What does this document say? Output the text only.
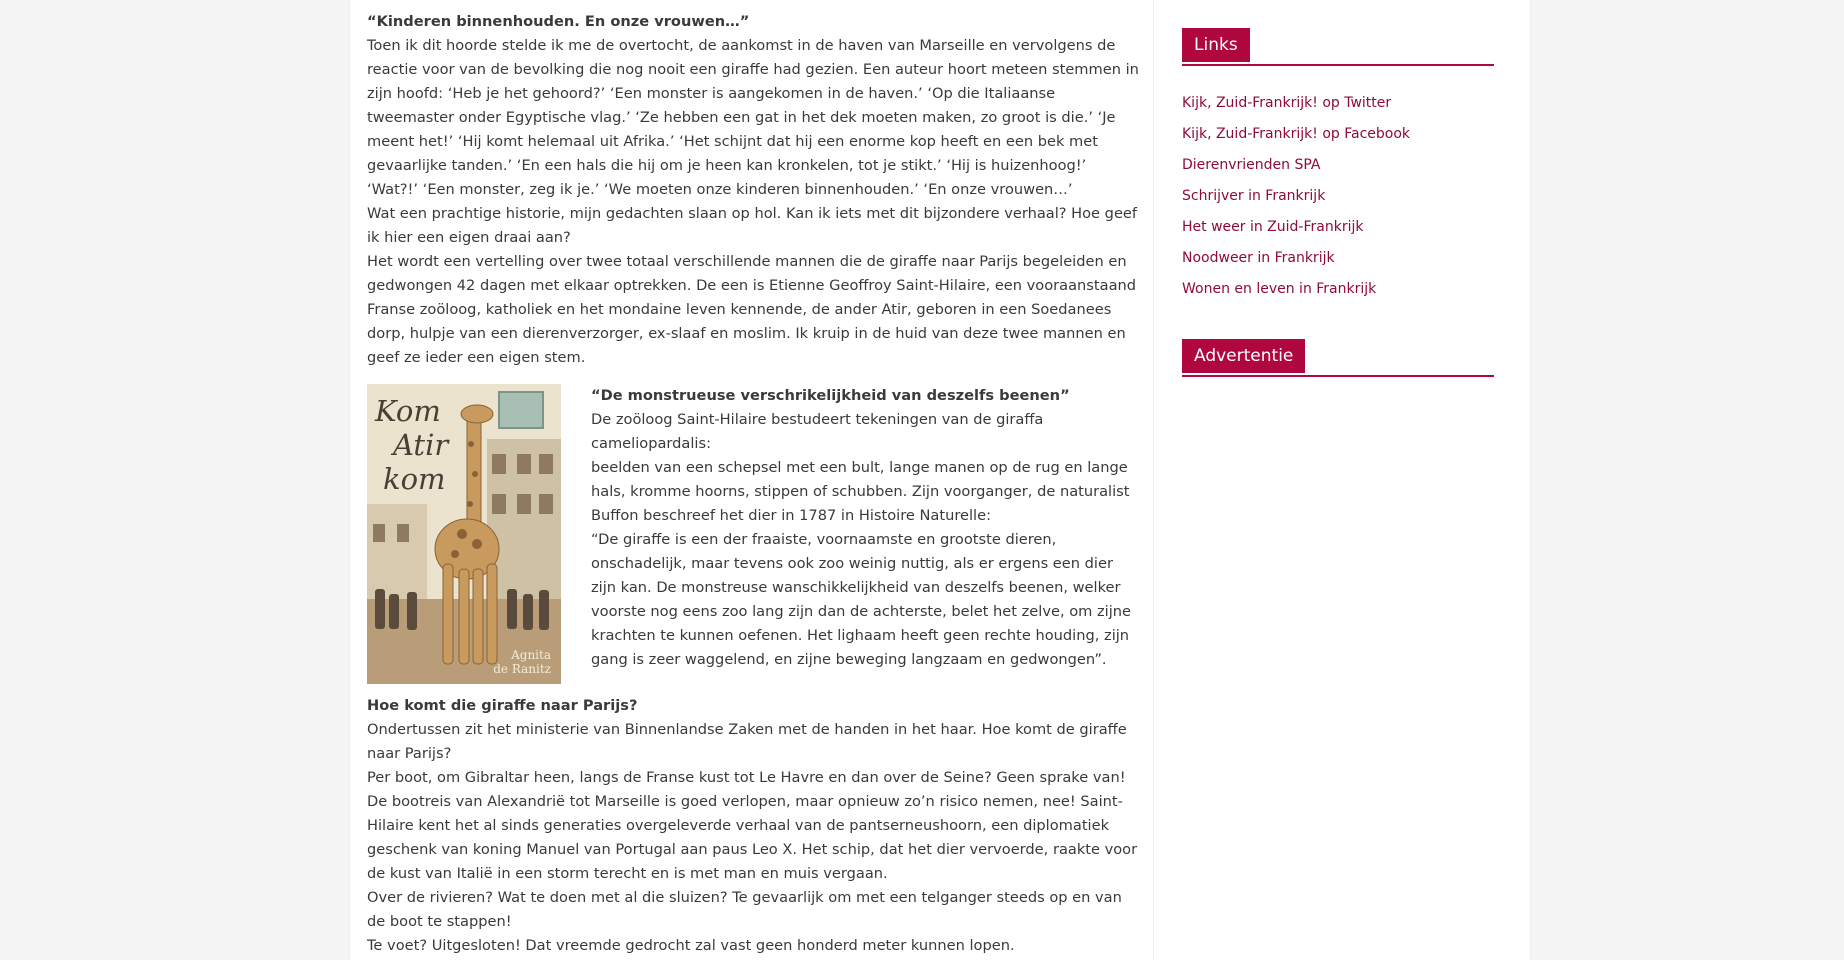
“Kinderen binnenhouden. En onze vrouwen…”

Toen ik dit hoorde stelde ik me de overtocht, de aankomst in de haven van Marseille en vervolgens de reactie voor van de bevolking die nog nooit een giraffe had gezien. Een auteur hoort meteen stemmen in zijn hoofd: ‘Heb je het gehoord?’ ‘Een monster is aangekomen in de haven.’ ‘Op die Italiaanse tweemaster onder Egyptische vlag.’ ‘Ze hebben een gat in het dek moeten maken, zo groot is die.’ ‘Je meent het!’ ‘Hij komt helemaal uit Afrika.’ ‘Het schijnt dat hij een enorme kop heeft en een bek met gevaarlijke tanden.’ ‘En een hals die hij om je heen kan kronkelen, tot je stikt.’ ‘Hij is huizenhoog!’ ‘Wat?!’ ‘Een monster, zeg ik je.’ ‘We moeten onze kinderen binnenhouden.’ ‘En onze vrouwen…’

Wat een prachtige historie, mijn gedachten slaan op hol. Kan ik iets met dit bijzondere verhaal? Hoe geef ik hier een eigen draai aan?

Het wordt een vertelling over twee totaal verschillende mannen die de giraffe naar Parijs begeleiden en gedwongen 42 dagen met elkaar optrekken. De een is Etienne Geoffroy Saint-Hilaire, een vooraanstaand Franse zoöloog, katholiek en het mondaine leven kennende, de ander Atir, geboren in een Soedanees dorp, hulpje van een dierenverzorger, ex-slaaf en moslim. Ik kruip in de huid van deze twee mannen en geef ze ieder een eigen stem.

Kom
Atir
kom
Agnita
de Ranitz

“De monstrueuse verschrikelijkheid van deszelfs beenen”

De zoöloog Saint-Hilaire bestudeert tekeningen van de giraffa cameliopardalis:

beelden van een schepsel met een bult, lange manen op de rug en lange hals, kromme hoorns, stippen of schubben. Zijn voorganger, de naturalist Buffon beschreef het dier in 1787 in Histoire Naturelle:

“De giraffe is een der fraaiste, voornaamste en grootste dieren, onschadelijk, maar tevens ook zoo weinig nuttig, als er ergens een dier zijn kan. De monstreuse wanschikkelijkheid van deszelfs beenen, welker voorste nog eens zoo lang zijn dan de achterste, belet het zelve, om zijne krachten te kunnen oefenen. Het lighaam heeft geen rechte houding, zijn gang is zeer waggelend, en zijne beweging langzaam en gedwongen”.

Hoe komt die giraffe naar Parijs?

Ondertussen zit het ministerie van Binnenlandse Zaken met de handen in het haar. Hoe komt de giraffe naar Parijs?

Per boot, om Gibraltar heen, langs de Franse kust tot Le Havre en dan over de Seine? Geen sprake van! De bootreis van Alexandrië tot Marseille is goed verlopen, maar opnieuw zo’n risico nemen, nee! Saint-Hilaire kent het al sinds generaties overgeleverde verhaal van de pantserneushoorn, een diplomatiek geschenk van koning Manuel van Portugal aan paus Leo X. Het schip, dat het dier vervoerde, raakte voor de kust van Italië in een storm terecht en is met man en muis vergaan.

Over de rivieren? Wat te doen met al die sluizen? Te gevaarlijk om met een telganger steeds op en van de boot te stappen!

Te voet? Uitgesloten! Dat vreemde gedrocht zal vast geen honderd meter kunnen lopen.

Links
Kijk, Zuid-Frankrijk! op Twitter
Kijk, Zuid-Frankrijk! op Facebook
Dierenvrienden SPA
Schrijver in Frankrijk
Het weer in Zuid-Frankrijk
Noodweer in Frankrijk
Wonen en leven in Frankrijk
Advertentie
